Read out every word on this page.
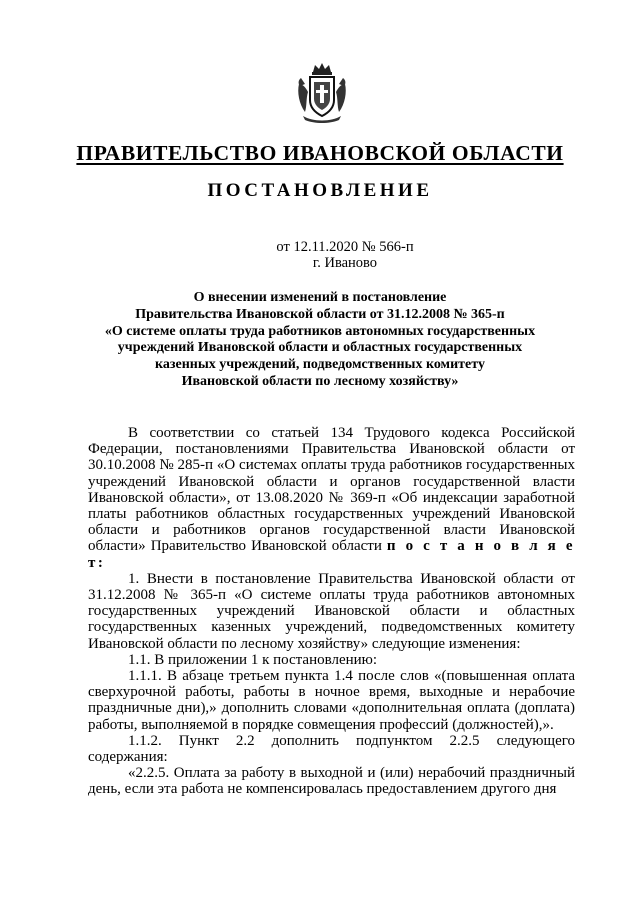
ПРАВИТЕЛЬСТВО ИВАНОВСКОЙ ОБЛАСТИ
ПОСТАНОВЛЕНИЕ
от 12.11.2020 № 566-п
г. Иваново
О внесении изменений в постановление
Правительства Ивановской области от 31.12.2008 № 365-п
«О системе оплаты труда работников автономных государственных
учреждений Ивановской области и областных государственных
казенных учреждений, подведомственных комитету
Ивановской области по лесному хозяйству»

В соответствии со статьей 134 Трудового кодекса Российской Федерации, постановлениями Правительства Ивановской области от 30.10.2008 № 285-п «О системах оплаты труда работников государственных учреждений Ивановской области и органов государственной власти Ивановской области», от 13.08.2020 № 369-п «Об индексации заработной платы работников областных государственных учреждений Ивановской области и работников органов государственной власти Ивановской области» Правительство Ивановской области п о с т а н о в л я е т:

1. Внести в постановление Правительства Ивановской области от 31.12.2008 № 365-п «О системе оплаты труда работников автономных государственных учреждений Ивановской области и областных государственных казенных учреждений, подведомственных комитету Ивановской области по лесному хозяйству» следующие изменения:

1.1. В приложении 1 к постановлению:

1.1.1. В абзаце третьем пункта 1.4 после слов «(повышенная оплата сверхурочной работы, работы в ночное время, выходные и нерабочие праздничные дни),» дополнить словами «дополнительная оплата (доплата) работы, выполняемой в порядке совмещения профессий (должностей),».

1.1.2. Пункт 2.2 дополнить подпунктом 2.2.5 следующего содержания:

«2.2.5. Оплата за работу в выходной и (или) нерабочий праздничный день, если эта работа не компенсировалась предоставлением другого дня
